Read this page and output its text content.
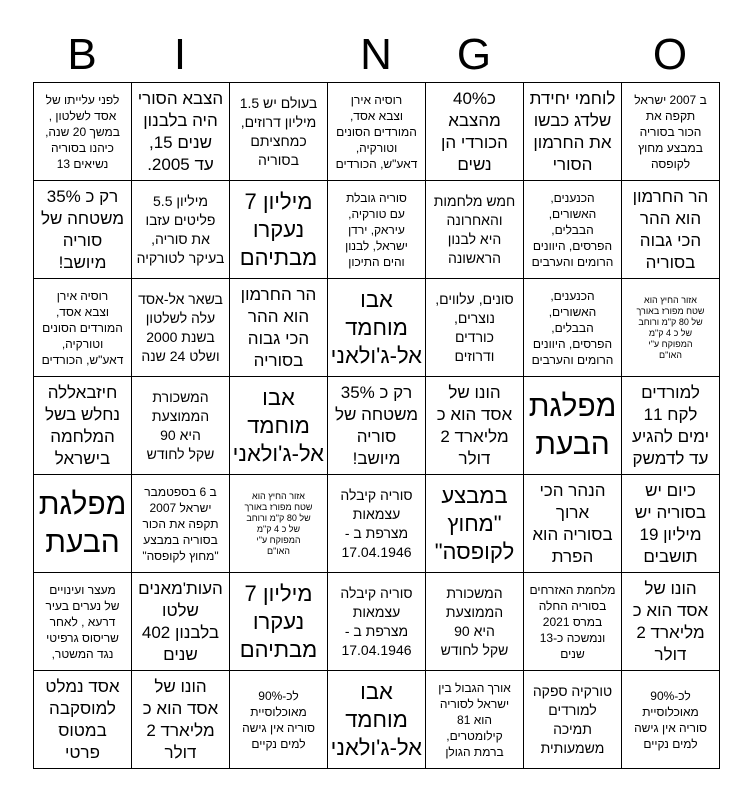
B	I	N	G	O
לפני עלייתו של
אסד לשלטון ,
במשך 20 שנה,
כיהנו בסוריה
נשיאים 13
הצבא הסורי
היה בלבנון
שנים 15,
עד 2005.
בעולם יש 1.5
מיליון דרוזים,
כמחציתם
בסוריה
רוסיה אירן
וצבא אסד,
המורדים הסונים
וטורקיה,
דאע"ש, הכורדים
כ40%
מהצבא
הכורדי הן
נשים
לוחמי יחידת
שלדג כבשו
את החרמון
הסורי
ב 2007 ישראל
תקפה את
הכור בסוריה
במבצע מחוץ
לקופסה
רק כ 35%
משטחה של
סוריה
מיושב!
מיליון 5.5
פליטים עזבו
את סוריה,
בעיקר לטורקיה
מיליון 7
נעקרו
מבתיהם
סוריה גובלת
עם טורקיה,
עיראק, ירדן
ישראל, לבנון
והים התיכון
חמש מלחמות
והאחרונה
היא לבנון
הראשונה
הכנענים,
האשורים,
הבבלים,
הפרסים, היוונים
הרומים והערבים
הר החרמון
הוא ההר
הכי גבוה
בסוריה
רוסיה אירן
וצבא אסד,
המורדים הסונים
וטורקיה,
דאע"ש, הכורדים
בשאר אל-אסד
עלה לשלטון
בשנת 2000
ושלט 24 שנה
הר החרמון
הוא ההר
הכי גבוה
בסוריה
אבו
מוחמד
אל-ג'ולאני
סונים, עלווים,
נוצרים,
כורדים
ודרוזים
הכנענים,
האשורים,
הבבלים,
הפרסים, היוונים
הרומים והערבים
אזור החיץ הוא
שטח מפורז באורך
של 80 ק"מ ורוחב
של כ 4 ק"מ
המפוקח ע"י
האו"ם
חיזבאללה
נחלש בשל
המלחמה
בישראל
המשכורת
הממוצעת
היא 90
שקל לחודש
אבו
מוחמד
אל-ג'ולאני
רק כ 35%
משטחה של
סוריה
מיושב!
הונו של
אסד הוא כ
מליארד 2
דולר
מפלגת
הבעת
למורדים
לקח 11
ימים להגיע
עד לדמשק
מפלגת
הבעת
ב 6 בספטמבר
ישראל 2007
תקפה את הכור
בסוריה במבצע
"מחוץ לקופסה"
אזור החיץ הוא
שטח מפורז באורך
של 80 ק"מ ורוחב
של כ 4 ק"מ
המפוקח ע"י
האו"ם
סוריה קיבלה
עצמאות
מצרפת ב -
17.04.1946
במבצע
"מחוץ
לקופסה"
הנהר הכי
ארוך
בסוריה הוא
הפרת
כיום יש
בסוריה יש
מיליון 19
תושבים
מעצר ועינויים
של נערים בעיר
דרעא , לאחר
שריסוס גרפיטי
נגד המשטר,
העות'מאנים
שלטו
בלבנון 402
שנים
מיליון 7
נעקרו
מבתיהם
סוריה קיבלה
עצמאות
מצרפת ב -
17.04.1946
המשכורת
הממוצעת
היא 90
שקל לחודש
מלחמת האזרחים
בסוריה החלה
במרס 2021
ונמשכה כ-13
שנים
הונו של
אסד הוא כ
מליארד 2
דולר
אסד נמלט
למוסקבה
במטוס
פרטי
הונו של
אסד הוא כ
מליארד 2
דולר
לכ-90%
מאוכלוסיית
סוריה אין גישה
למים נקיים
אבו
מוחמד
אל-ג'ולאני
אורך הגבול בין
ישראל לסוריה
הוא 81
קילומטרים,
ברמת הגולן
טורקיה ספקה
למורדים
תמיכה
משמעותית
לכ-90%
מאוכלוסיית
סוריה אין גישה
למים נקיים
